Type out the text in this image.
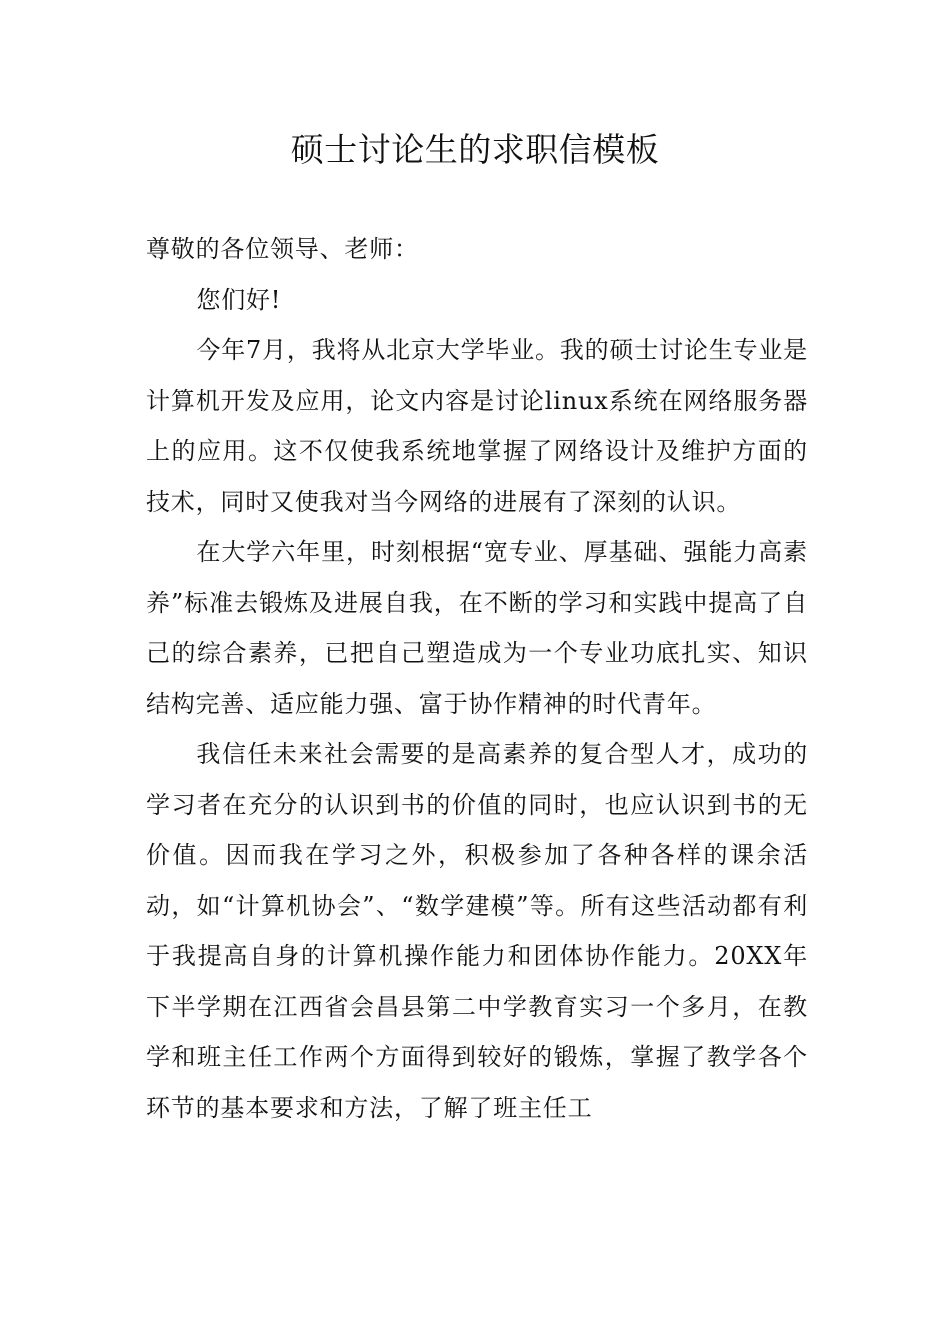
硕士讨论生的求职信模板

尊敬的各位领导、老师：

您们好!

今年7月，我将从北京大学毕业。我的硕士讨论生专业是计算机开发及应用，论文内容是讨论linux系统在网络服务器上的应用。这不仅使我系统地掌握了网络设计及维护方面的技术，同时又使我对当今网络的进展有了深刻的认识。

在大学六年里，时刻根据“宽专业、厚基础、强能力高素养”标准去锻炼及进展自我，在不断的学习和实践中提高了自己的综合素养，已把自己塑造成为一个专业功底扎实、知识结构完善、适应能力强、富于协作精神的时代青年。

我信任未来社会需要的是高素养的复合型人才，成功的学习者在充分的认识到书的价值的同时，也应认识到书的无价值。因而我在学习之外，积极参加了各种各样的课余活动，如“计算机协会”、“数学建模”等。所有这些活动都有利于我提高自身的计算机操作能力和团体协作能力。20XX年下半学期在江西省会昌县第二中学教育实习一个多月，在教学和班主任工作两个方面得到较好的锻炼，掌握了教学各个环节的基本要求和方法，了解了班主任工
